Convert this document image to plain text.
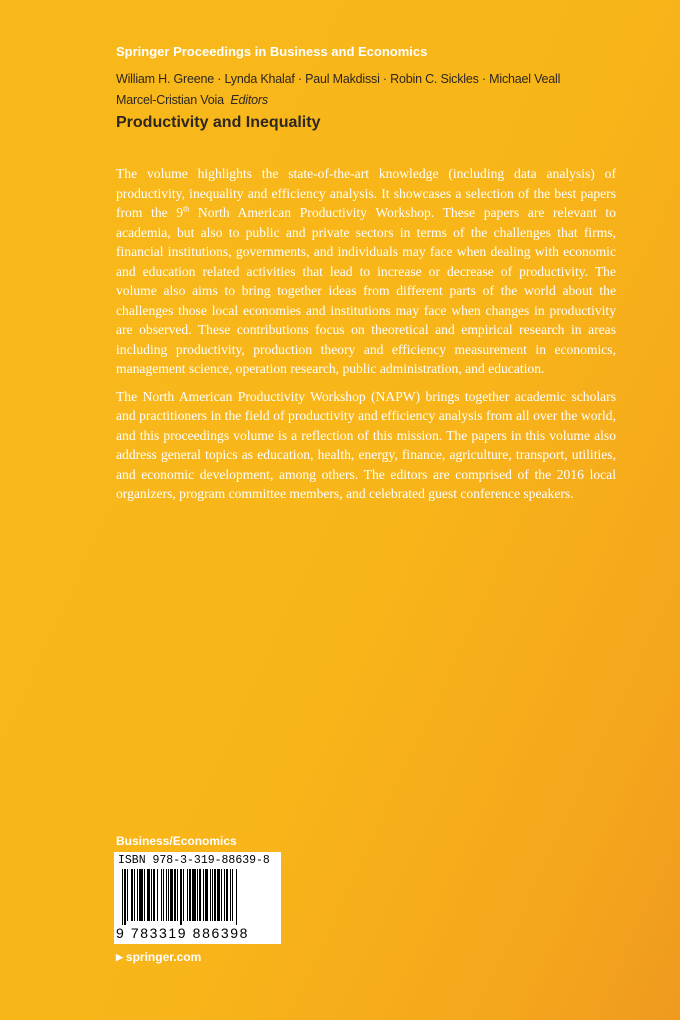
Springer Proceedings in Business and Economics
William H. Greene · Lynda Khalaf · Paul Makdissi · Robin C. Sickles · Michael Veall
Marcel-Cristian Voia Editors
Productivity and Inequality

The volume highlights the state-of-the-art knowledge (including data analysis) of productivity, inequality and efficiency analysis. It showcases a selection of the best papers from the 9th North American Productivity Workshop. These papers are relevant to academia, but also to public and private sectors in terms of the challenges that firms, financial institutions, governments, and individuals may face when dealing with economic and education related activities that lead to increase or decrease of productivity. The volume also aims to bring together ideas from different parts of the world about the challenges those local economies and institutions may face when changes in productivity are observed. These contributions focus on theoretical and empirical research in areas including productivity, production theory and efficiency measurement in economics, management science, operation research, public administration, and education.

The North American Productivity Workshop (NAPW) brings together academic scholars and practitioners in the field of productivity and efficiency analysis from all over the world, and this proceedings volume is a reflection of this mission. The papers in this volume also address general topics as education, health, energy, finance, agriculture, transport, utilities, and economic development, among others. The editors are comprised of the 2016 local organizers, program committee members, and celebrated guest conference speakers.

Business/Economics
ISBN 978-3-319-88639-8
9 783319 886398
▶ springer.com
